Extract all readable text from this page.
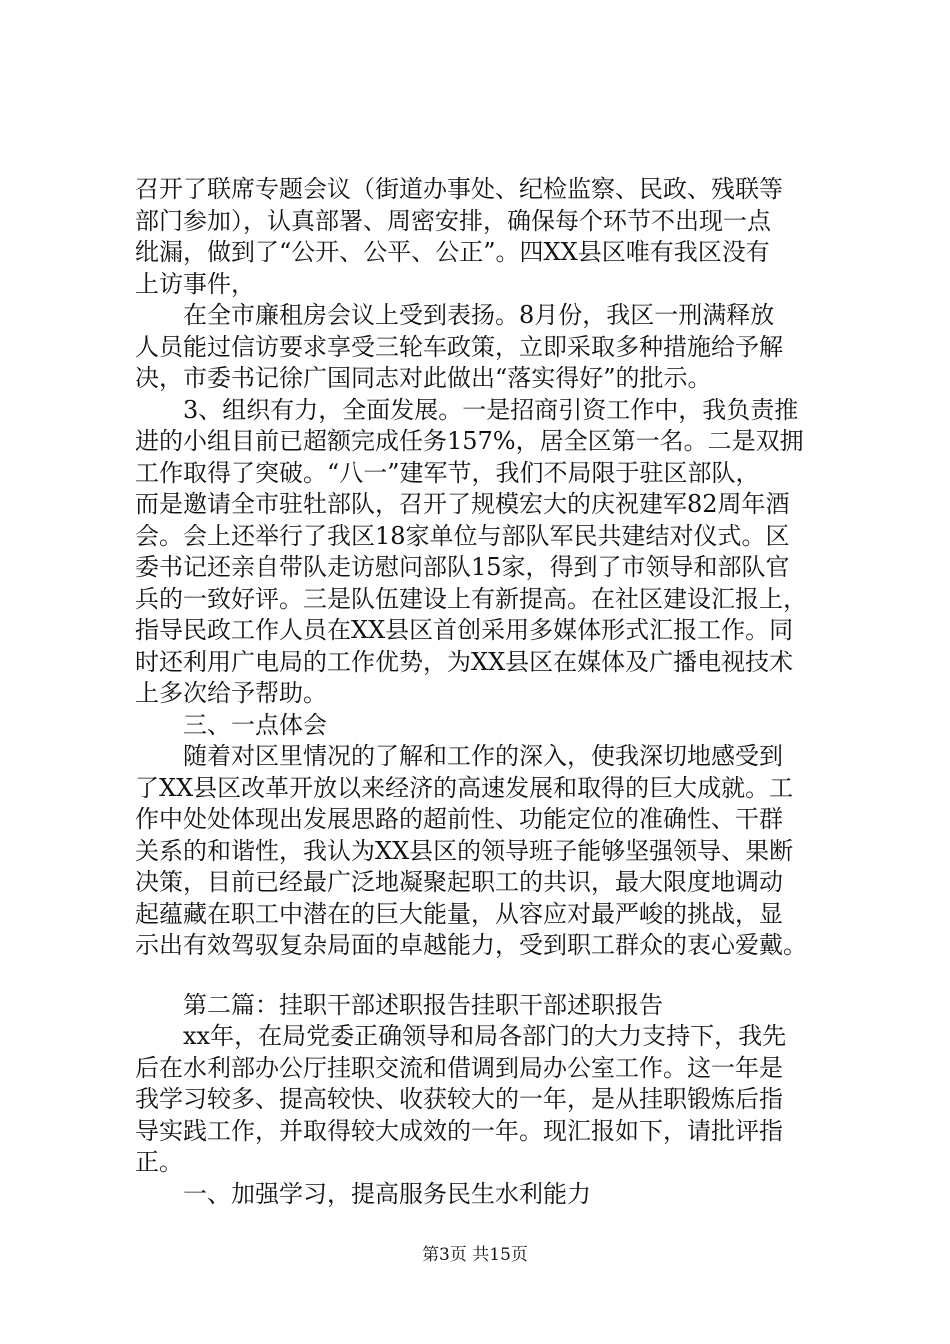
召开了联席专题会议（街道办事处、纪检监察、民政、残联等
部门参加），认真部署、周密安排，确保每个环节不出现一点
纰漏，做到了“公开、公平、公正”。四XX县区唯有我区没有
上访事件，
在全市廉租房会议上受到表扬。8月份，我区一刑满释放
人员能过信访要求享受三轮车政策，立即采取多种措施给予解
决，市委书记徐广国同志对此做出“落实得好”的批示。
3、组织有力，全面发展。一是招商引资工作中，我负责推
进的小组目前已超额完成任务157%，居全区第一名。二是双拥
工作取得了突破。“八一”建军节，我们不局限于驻区部队，
而是邀请全市驻牡部队，召开了规模宏大的庆祝建军82周年酒
会。会上还举行了我区18家单位与部队军民共建结对仪式。区
委书记还亲自带队走访慰问部队15家，得到了市领导和部队官
兵的一致好评。三是队伍建设上有新提高。在社区建设汇报上，
指导民政工作人员在XX县区首创采用多媒体形式汇报工作。同
时还利用广电局的工作优势，为XX县区在媒体及广播电视技术
上多次给予帮助。
三、一点体会
随着对区里情况的了解和工作的深入，使我深切地感受到
了XX县区改革开放以来经济的高速发展和取得的巨大成就。工
作中处处体现出发展思路的超前性、功能定位的准确性、干群
关系的和谐性，我认为XX县区的领导班子能够坚强领导、果断
决策，目前已经最广泛地凝聚起职工的共识，最大限度地调动
起蕴藏在职工中潜在的巨大能量，从容应对最严峻的挑战，显
示出有效驾驭复杂局面的卓越能力，受到职工群众的衷心爱戴。
第二篇：挂职干部述职报告挂职干部述职报告
xx年，在局党委正确领导和局各部门的大力支持下，我先
后在水利部办公厅挂职交流和借调到局办公室工作。这一年是
我学习较多、提高较快、收获较大的一年，是从挂职锻炼后指
导实践工作，并取得较大成效的一年。现汇报如下，请批评指
正。
一、加强学习，提高服务民生水利能力
第3页 共15页
